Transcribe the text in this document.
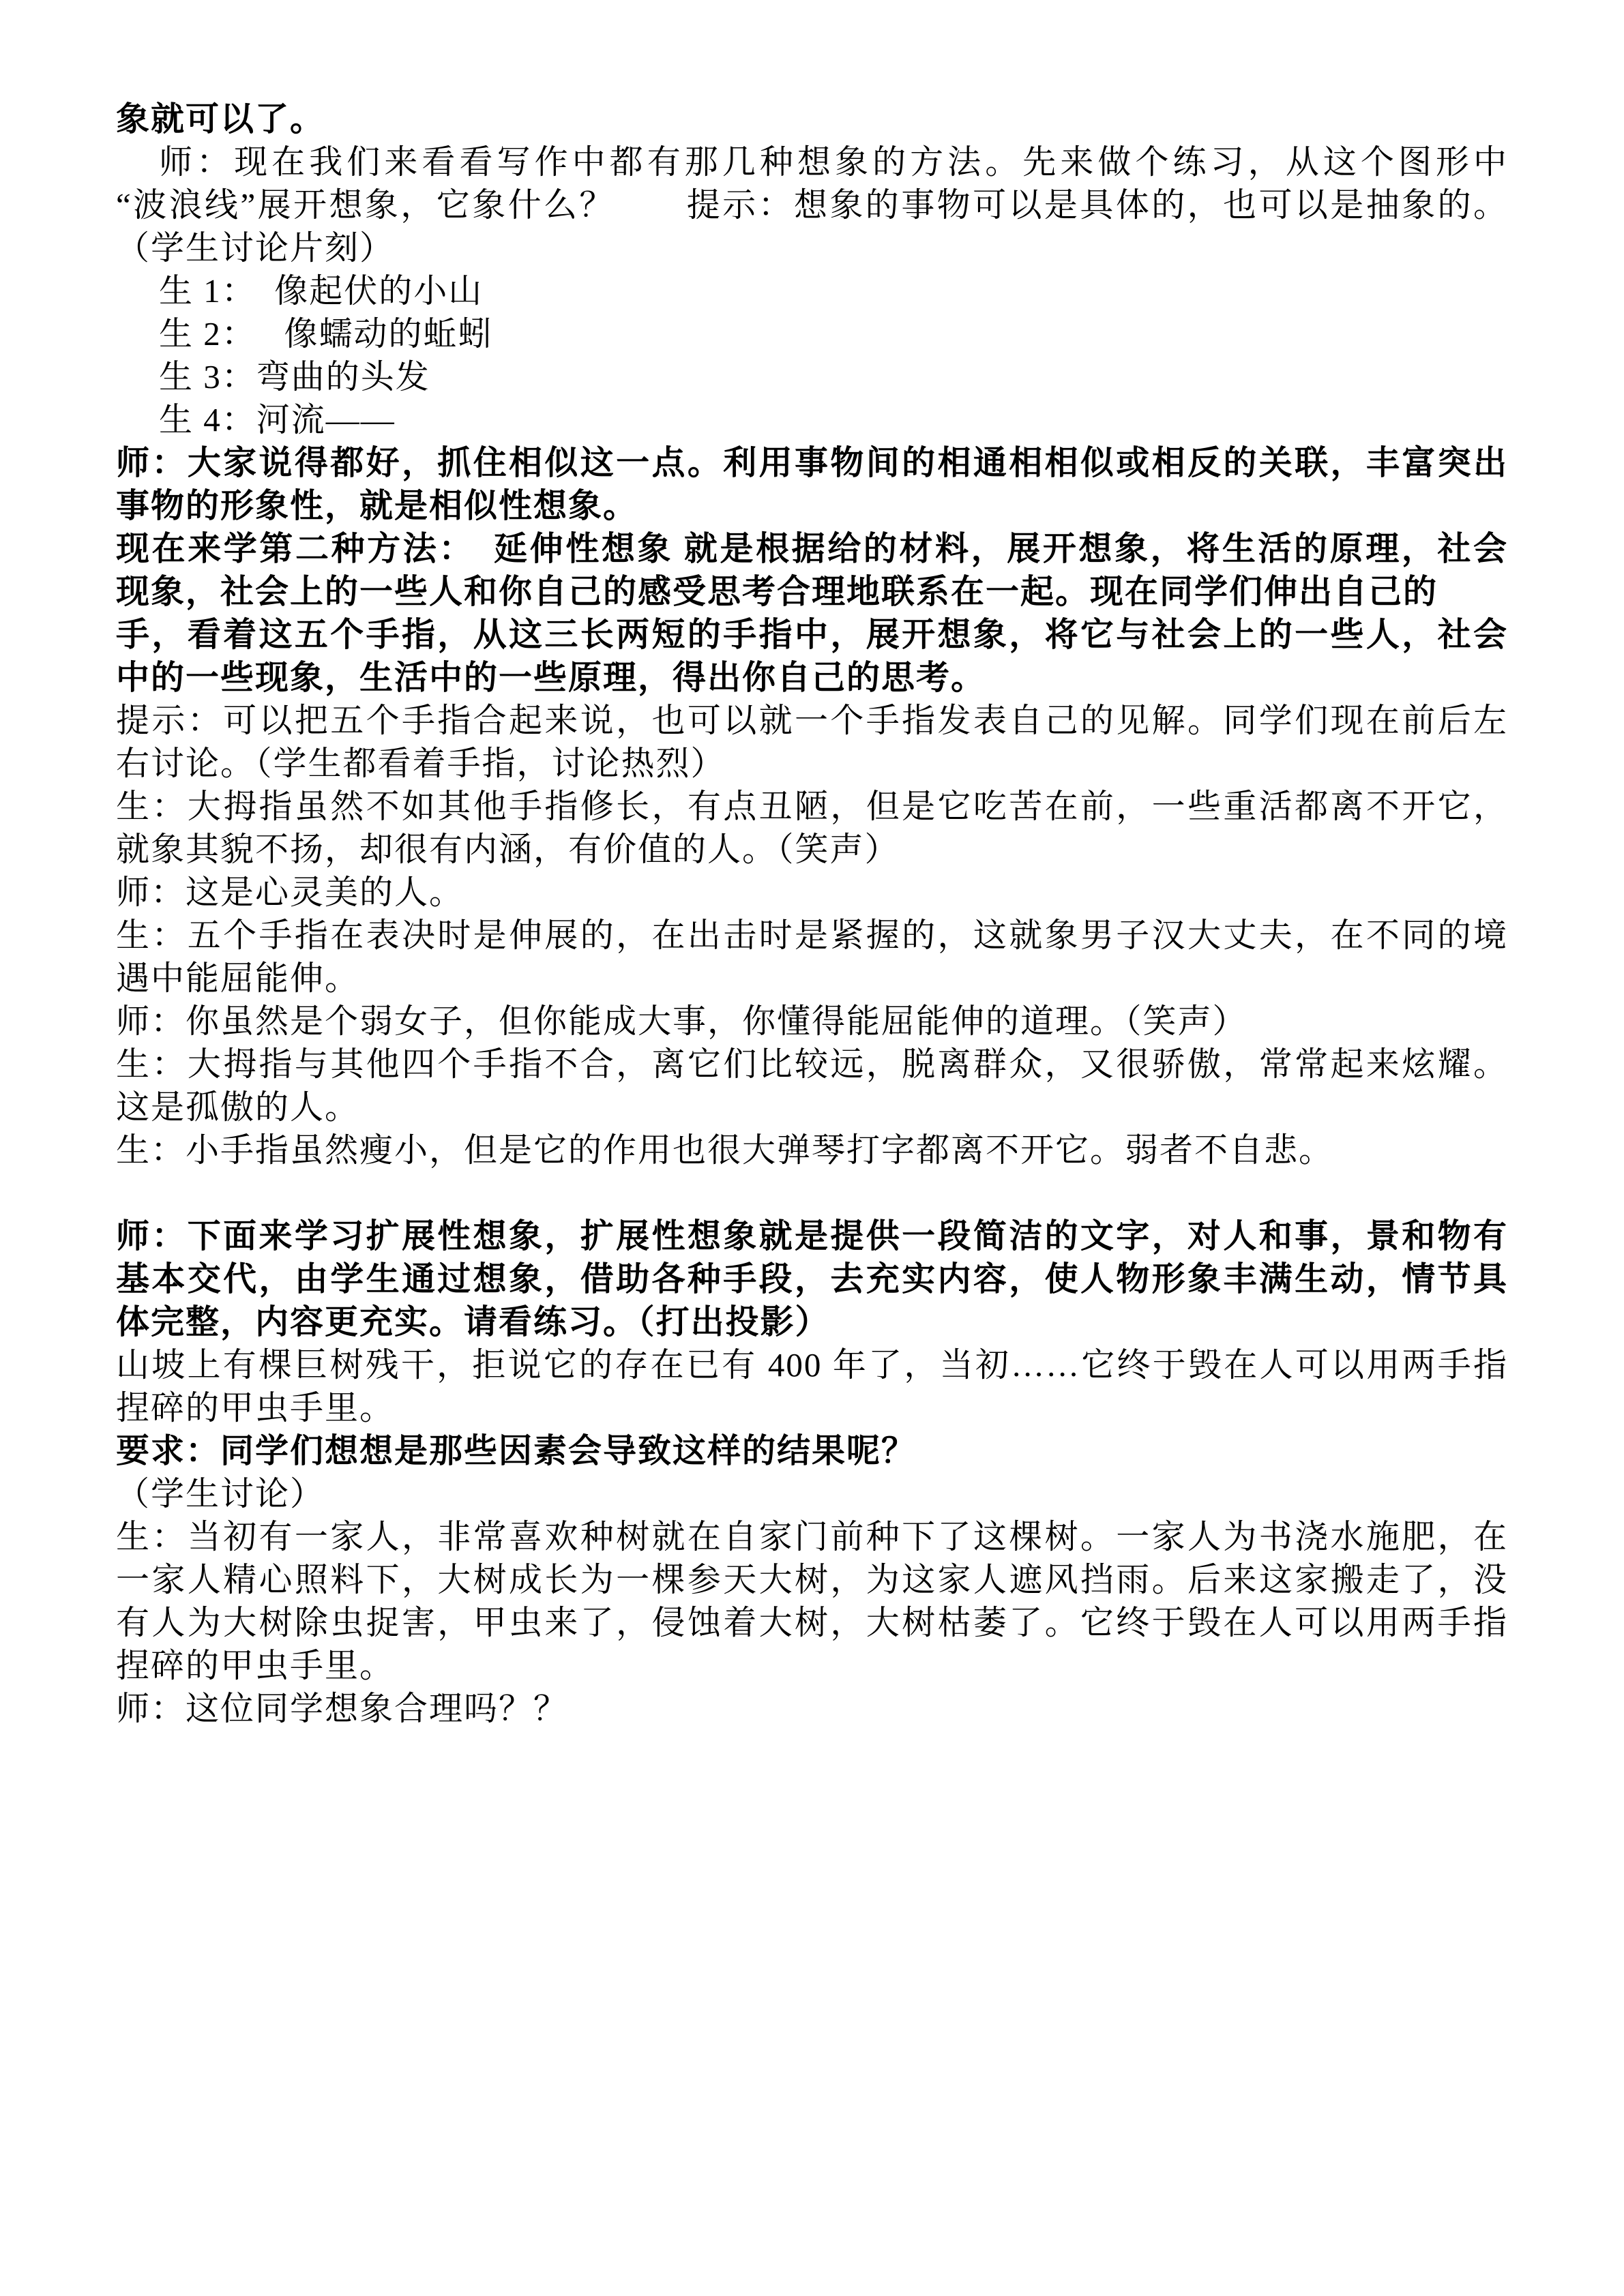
象就可以了。
师：现在我们来看看写作中都有那几种想象的方法。先来做个练习，从这个图形中
“波浪线”展开想象，它象什么？　　提示：想象的事物可以是具体的，也可以是抽象的。
（学生讨论片刻）
生 1：　像起伏的小山
生 2：　 像蠕动的蚯蚓
生 3：弯曲的头发
生 4：河流——
师：大家说得都好，抓住相似这一点。利用事物间的相通相相似或相反的关联，丰富突出
事物的形象性，就是相似性想象。
现在来学第二种方法：　延伸性想象 就是根据给的材料，展开想象，将生活的原理，社会
现象，社会上的一些人和你自己的感受思考合理地联系在一起。现在同学们伸出自己的
手，看着这五个手指，从这三长两短的手指中，展开想象，将它与社会上的一些人，社会
中的一些现象，生活中的一些原理，得出你自己的思考。
提示：可以把五个手指合起来说，也可以就一个手指发表自己的见解。同学们现在前后左
右讨论。（学生都看着手指，讨论热烈）
生：大拇指虽然不如其他手指修长，有点丑陋，但是它吃苦在前，一些重活都离不开它，
就象其貌不扬，却很有内涵，有价值的人。（笑声）
师：这是心灵美的人。
生：五个手指在表决时是伸展的，在出击时是紧握的，这就象男子汉大丈夫，在不同的境
遇中能屈能伸。
师：你虽然是个弱女子，但你能成大事，你懂得能屈能伸的道理。（笑声）
生：大拇指与其他四个手指不合，离它们比较远，脱离群众，又很骄傲，常常起来炫耀。
这是孤傲的人。
生：小手指虽然瘦小，但是它的作用也很大弹琴打字都离不开它。弱者不自悲。
师：下面来学习扩展性想象，扩展性想象就是提供一段简洁的文字，对人和事，景和物有
基本交代，由学生通过想象，借助各种手段，去充实内容，使人物形象丰满生动，情节具
体完整，内容更充实。请看练习。（打出投影）
山坡上有棵巨树残干，拒说它的存在已有 400 年了，当初……它终于毁在人可以用两手指
捏碎的甲虫手里。
要求：同学们想想是那些因素会导致这样的结果呢？
（学生讨论）
生：当初有一家人，非常喜欢种树就在自家门前种下了这棵树。一家人为书浇水施肥，在
一家人精心照料下，大树成长为一棵参天大树，为这家人遮风挡雨。后来这家搬走了，没
有人为大树除虫捉害，甲虫来了，侵蚀着大树，大树枯萎了。它终于毁在人可以用两手指
捏碎的甲虫手里。
师：这位同学想象合理吗？？
